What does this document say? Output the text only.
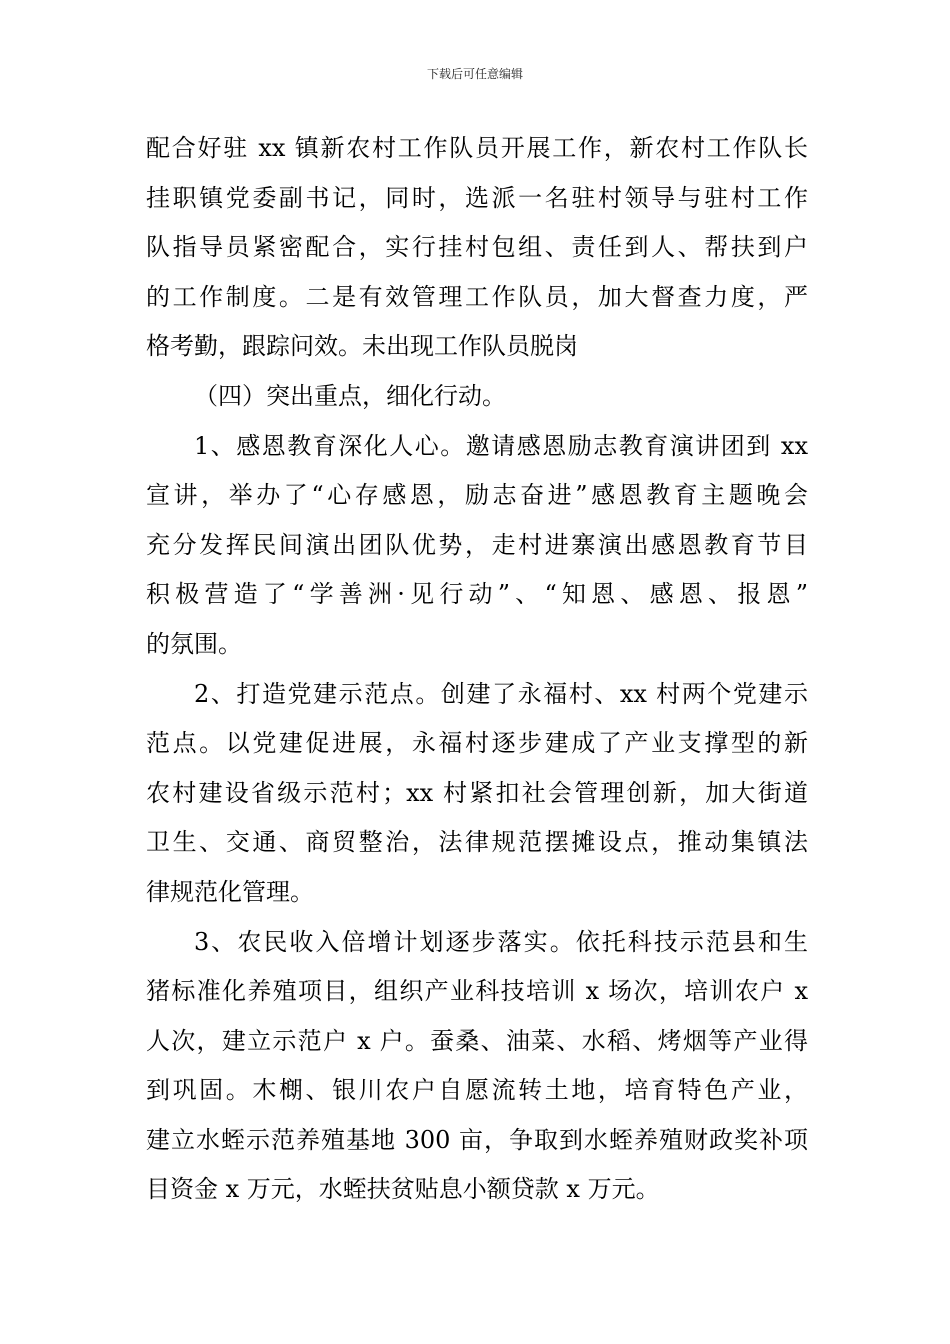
下载后可任意编辑
配合好驻 xx 镇新农村工作队员开展工作，新农村工作队长
挂职镇党委副书记，同时，选派一名驻村领导与驻村工作
队指导员紧密配合，实行挂村包组、责任到人、帮扶到户
的工作制度。二是有效管理工作队员，加大督查力度，严
格考勤，跟踪问效。未出现工作队员脱岗
（四）突出重点，细化行动。
1、感恩教育深化人心。邀请感恩励志教育演讲团到 xx
宣讲，举办了“心存感恩，励志奋进”感恩教育主题晚会
充分发挥民间演出团队优势，走村进寨演出感恩教育节目
积极营造了“学善洲·见行动”、“知恩、感恩、报恩”
的氛围。
2、打造党建示范点。创建了永福村、xx 村两个党建示
范点。以党建促进展，永福村逐步建成了产业支撑型的新
农村建设省级示范村；xx 村紧扣社会管理创新，加大街道
卫生、交通、商贸整治，法律规范摆摊设点，推动集镇法
律规范化管理。
3、农民收入倍增计划逐步落实。依托科技示范县和生
猪标准化养殖项目，组织产业科技培训 x 场次，培训农户 x
人次，建立示范户 x 户。蚕桑、油菜、水稻、烤烟等产业得
到巩固。木樃、银川农户自愿流转土地，培育特色产业，
建立水蛭示范养殖基地 300 亩，争取到水蛭养殖财政奖补项
目资金 x 万元，水蛭扶贫贴息小额贷款 x 万元。
